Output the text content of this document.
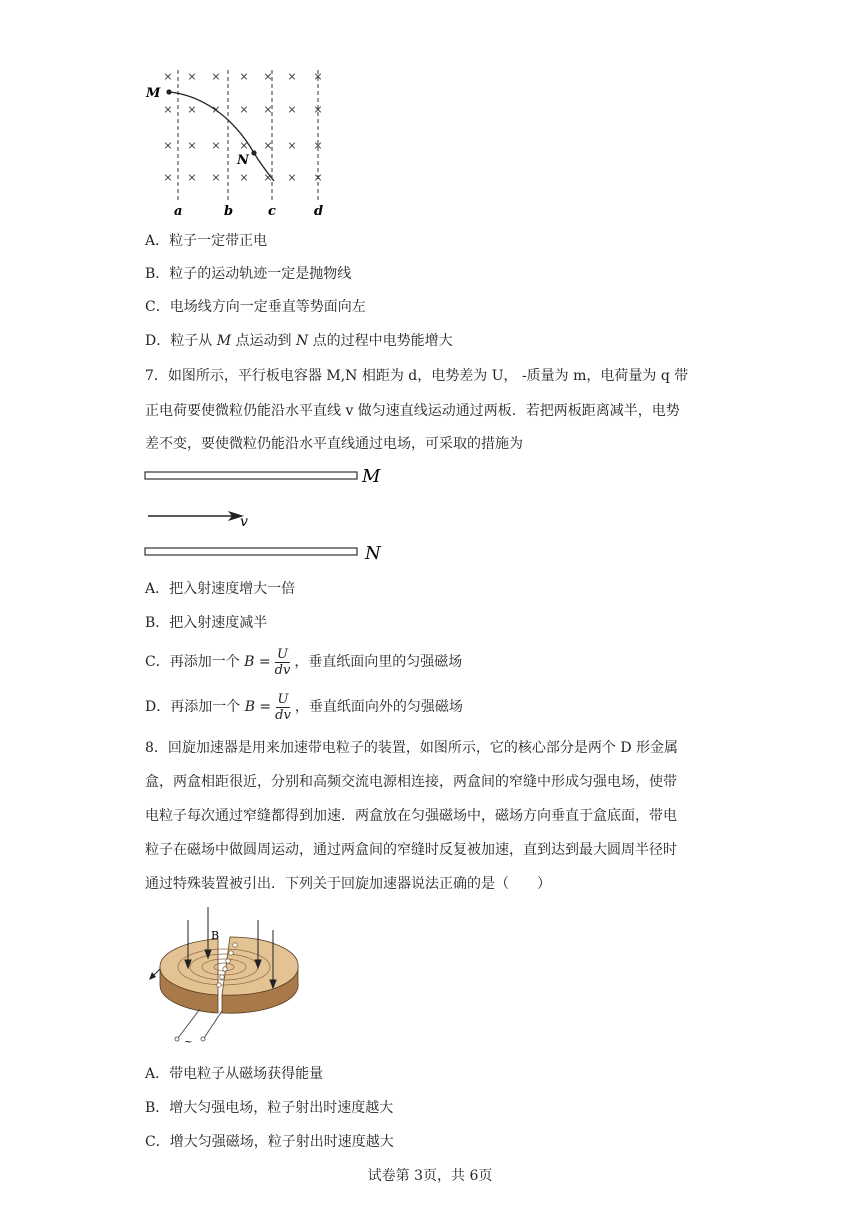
× × × × × × ×
× × × × × × ×
× × × × × × ×
× × × × × × ×
M
N
a	b	c	d
A．粒子一定带正电
B．粒子的运动轨迹一定是抛物线
C．电场线方向一定垂直等势面向左
D．粒子从 M 点运动到 N 点的过程中电势能增大
7．如图所示，平行板电容器 M,N 相距为 d，电势差为 U， -质量为 m，电荷量为 q 带
正电荷要使微粒仍能沿水平直线 v 做匀速直线运动通过两板．若把两板距离减半，电势
差不变，要使微粒仍能沿水平直线通过电场，可采取的措施为
v
M
N
A．把入射速度增大一倍
B．把入射速度减半
C．再添加一个 $B = \frac{U}{dv}$ ，垂直纸面向里的匀强磁场
D．再添加一个 $B = \frac{U}{dv}$ ，垂直纸面向外的匀强磁场
8．回旋加速器是用来加速带电粒子的装置，如图所示，它的核心部分是两个 D 形金属
盒，两盒相距很近，分别和高频交流电源相连接，两盒间的窄缝中形成匀强电场，使带
电粒子每次通过窄缝都得到加速．两盒放在匀强磁场中，磁场方向垂直于盒底面，带电
粒子在磁场中做圆周运动，通过两盒间的窄缝时反复被加速，直到达到最大圆周半径时
通过特殊装置被引出．下列关于回旋加速器说法正确的是（　　）
B
~
A．带电粒子从磁场获得能量
B．增大匀强电场，粒子射出时速度越大
C．增大匀强磁场，粒子射出时速度越大
试卷第 3页，共 6页
